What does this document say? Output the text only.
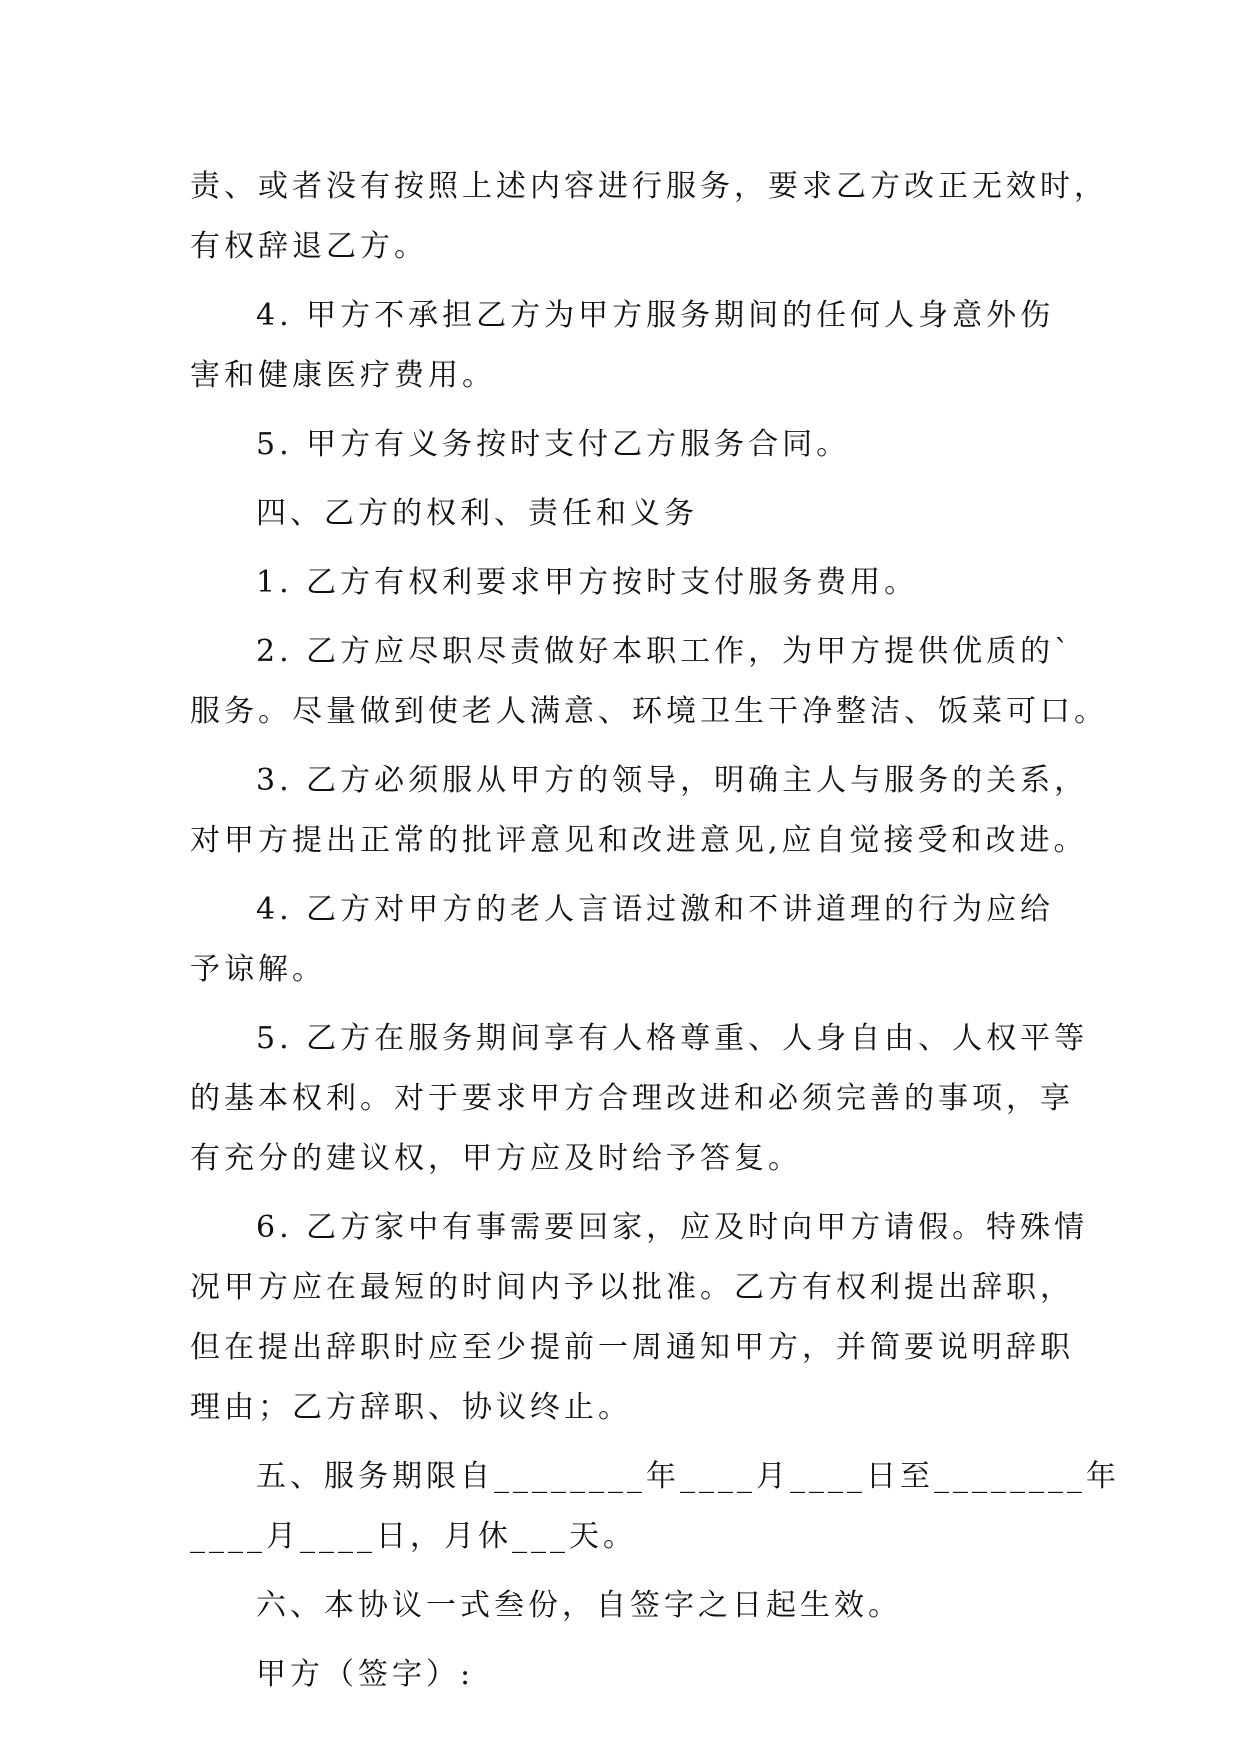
责、或者没有按照上述内容进行服务，要求乙方改正无效时，
有权辞退乙方。

4. 甲方不承担乙方为甲方服务期间的任何人身意外伤
害和健康医疗费用。

5. 甲方有义务按时支付乙方服务合同。

四、乙方的权利、责任和义务

1. 乙方有权利要求甲方按时支付服务费用。

2. 乙方应尽职尽责做好本职工作，为甲方提供优质的`
服务。尽量做到使老人满意、环境卫生干净整洁、饭菜可口。

3. 乙方必须服从甲方的领导，明确主人与服务的关系，
对甲方提出正常的批评意见和改进意见,应自觉接受和改进。

4. 乙方对甲方的老人言语过激和不讲道理的行为应给
予谅解。

5. 乙方在服务期间享有人格尊重、人身自由、人权平等
的基本权利。对于要求甲方合理改进和必须完善的事项，享
有充分的建议权，甲方应及时给予答复。

6. 乙方家中有事需要回家，应及时向甲方请假。特殊情
况甲方应在最短的时间内予以批准。乙方有权利提出辞职，
但在提出辞职时应至少提前一周通知甲方，并简要说明辞职
理由；乙方辞职、协议终止。

五、服务期限自________年____月____日至________年
____月____日，月休___天。

六、本协议一式叁份，自签字之日起生效。

甲方（签字）:
